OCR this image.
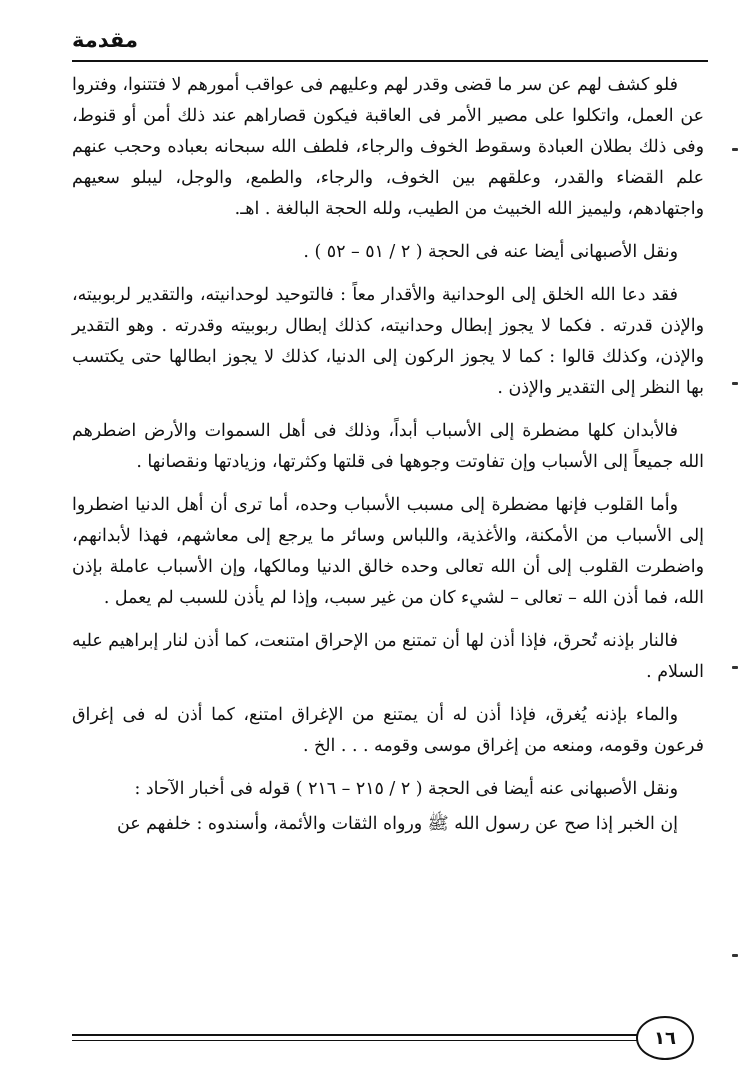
مقدمة

فلو كشف لهم عن سر ما قضى وقدر لهم وعليهم فى عواقب أمورهم لا فتتنوا، وفتروا عن العمل، واتكلوا على مصير الأمر فى العاقبة فيكون قصاراهم عند ذلك أمن أو قنوط، وفى ذلك بطلان العبادة وسقوط الخوف والرجاء، فلطف الله سبحانه بعباده وحجب عنهم علم القضاء والقدر، وعلقهم بين الخوف، والرجاء، والطمع، والوجل، ليبلو سعيهم واجتهادهم، وليميز الله الخبيث من الطيب، ولله الحجة البالغة . اهـ.

ونقل الأصبهانى أيضا عنه فى الحجة ( ٢ / ٥١ – ٥٢ ) .

فقد دعا الله الخلق إلى الوحدانية والأقدار معاً : فالتوحيد لوحدانيته، والتقدير لربوبيته، والإذن قدرته . فكما لا يجوز إبطال وحدانيته، كذلك إبطال ربوبيته وقدرته . وهو التقدير والإذن، وكذلك قالوا : كما لا يجوز الركون إلى الدنيا، كذلك لا يجوز ابطالها حتى يكتسب بها النظر إلى التقدير والإذن .

فالأبدان كلها مضطرة إلى الأسباب أبداً، وذلك فى أهل السموات والأرض اضطرهم الله جميعاً إلى الأسباب وإن تفاوتت وجوهها فى قلتها وكثرتها، وزيادتها ونقصانها .

وأما القلوب فإنها مضطرة إلى مسبب الأسباب وحده، أما ترى أن أهل الدنيا اضطروا إلى الأسباب من الأمكنة، والأغذية، واللباس وسائر ما يرجع إلى معاشهم، فهذا لأبدانهم، واضطرت القلوب إلى أن الله تعالى وحده خالق الدنيا ومالكها، وإن الأسباب عاملة بإذن الله، فما أذن الله – تعالى – لشيء كان من غير سبب، وإذا لم يأذن للسبب لم يعمل .

فالنار بإذنه تُحرق، فإذا أذن لها أن تمتنع من الإحراق امتنعت، كما أذن لنار إبراهيم عليه السلام .

والماء بإذنه يُغرق، فإذا أذن له أن يمتنع من الإغراق امتنع، كما أذن له فى إغراق فرعون وقومه، ومنعه من إغراق موسى وقومه . . . الخ .

ونقل الأصبهانى عنه أيضا فى الحجة ( ٢ / ٢١٥ – ٢١٦ ) قوله فى أخبار الآحاد :

إن الخبر إذا صح عن رسول الله ﷺ ورواه الثقات والأئمة، وأسندوه : خلفهم عن

١٦
